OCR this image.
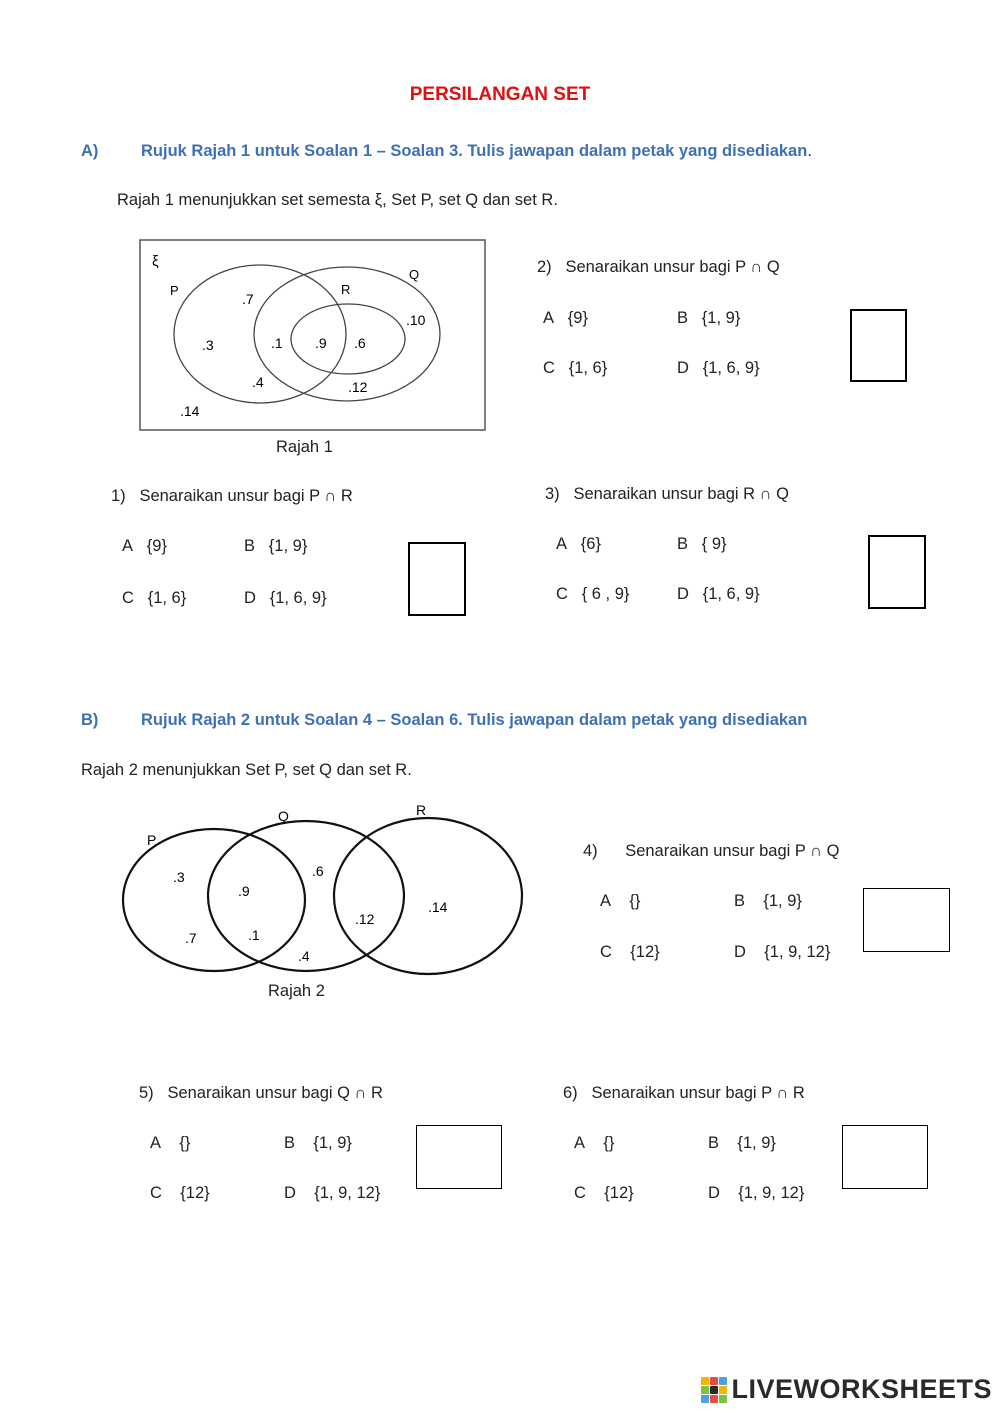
PERSILANGAN SET
A)	Rujuk Rajah 1 untuk Soalan 1 – Soalan 3. Tulis jawapan dalam petak yang disediakan.
Rajah 1 menunjukkan set semesta ξ, Set P, set Q dan set R.
ξ
P
Q
R
.7
.3	.1 .9 .6
.10
.4	.12
.14
Rajah 1
2) Senaraikan unsur bagi P ∩ Q
A {9}	B {1, 9}
C {1, 6}	D {1, 6, 9}
1) Senaraikan unsur bagi P ∩ R
A {9}	B {1, 9}
C {1, 6}	D {1, 6, 9}
3) Senaraikan unsur bagi R ∩ Q
A {6}	B { 9}
C { 6 , 9}	D {1, 6, 9}
B)	Rujuk Rajah 2 untuk Soalan 4 – Soalan 6. Tulis jawapan dalam petak yang disediakan
Rajah 2 menunjukkan Set P, set Q dan set R.
P
Q	R
.3
.9
.6
.7	.1
.12
.14
.4
Rajah 2
4) Senaraikan unsur bagi P ∩ Q
A {}	B {1, 9}
C {12}	D {1, 9, 12}
5) Senaraikan unsur bagi Q ∩ R
A {}	B {1, 9}
C {12}	D {1, 9, 12}
6) Senaraikan unsur bagi P ∩ R
A {}	B {1, 9}
C {12}	D {1, 9, 12}
LIVEWORKSHEETS
